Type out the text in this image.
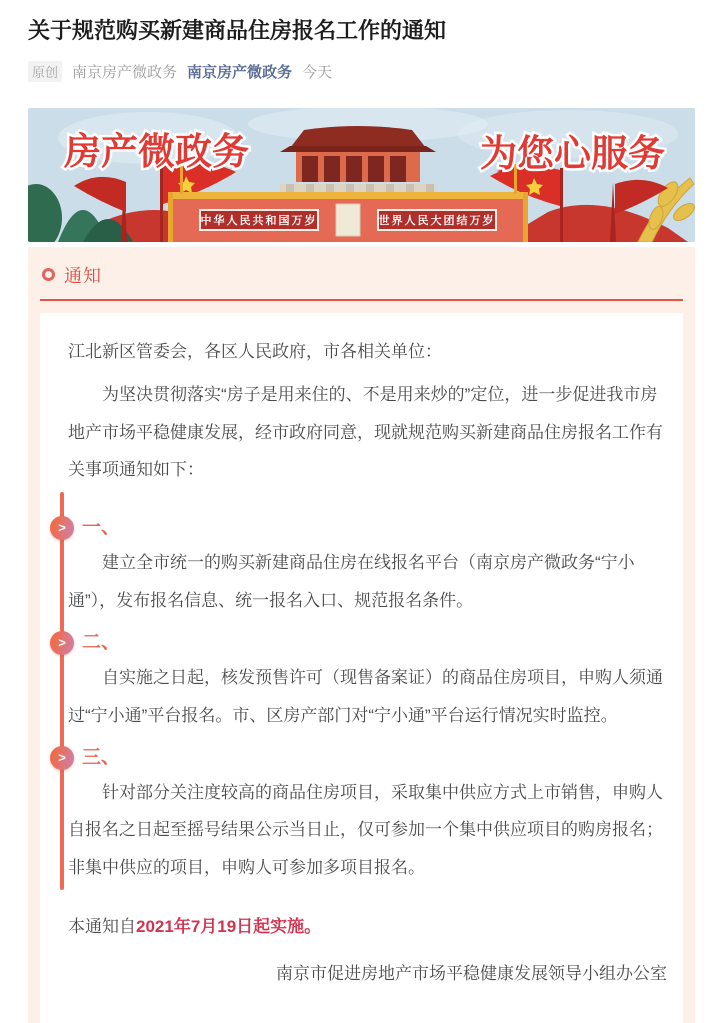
关于规范购买新建商品住房报名工作的通知
原创 南京房产微政务 南京房产微政务 今天
中华人民共和国万岁	世界人民大团结万岁
房产微政务	为您心服务
通知

江北新区管委会，各区人民政府，市各相关单位：

为坚决贯彻落实“房子是用来住的、不是用来炒的”定位，进一步促进我市房地产市场平稳健康发展，经市政府同意，现就规范购买新建商品住房报名工作有关事项通知如下：

> 一、

建立全市统一的购买新建商品住房在线报名平台（南京房产微政务“宁小通”），发布报名信息、统一报名入口、规范报名条件。

> 二、

自实施之日起，核发预售许可（现售备案证）的商品住房项目，申购人须通过“宁小通”平台报名。市、区房产部门对“宁小通”平台运行情况实时监控。

> 三、

针对部分关注度较高的商品住房项目，采取集中供应方式上市销售，申购人自报名之日起至摇号结果公示当日止，仅可参加一个集中供应项目的购房报名；非集中供应的项目，申购人可参加多项目报名。

本通知自2021年7月19日起实施。

南京市促进房地产市场平稳健康发展领导小组办公室
